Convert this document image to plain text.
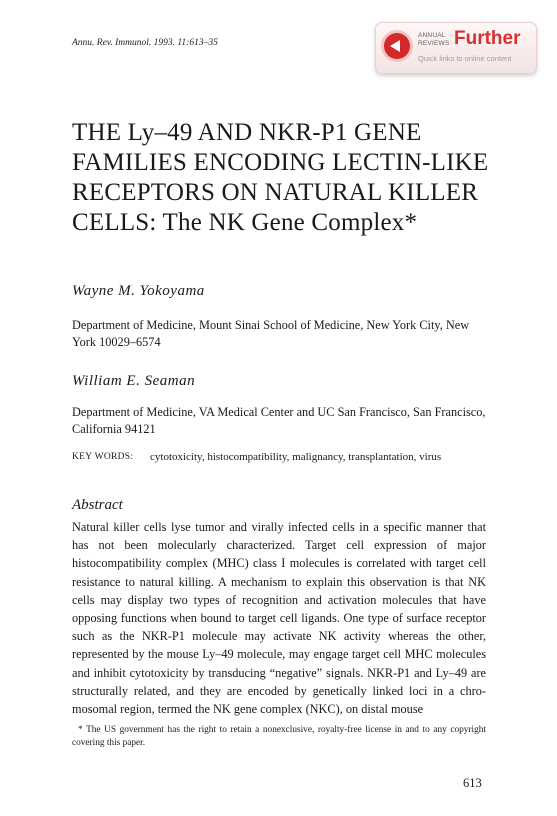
Annu. Rev. Immunol. 1993. 11:613–35
ANNUAL REVIEWS Further
Quick links to online content
THE Ly–49 AND NKR-P1 GENE FAMILIES ENCODING LECTIN-LIKE RECEPTORS ON NATURAL KILLER CELLS: The NK Gene Complex*
Wayne M. Yokoyama
Department of Medicine, Mount Sinai School of Medicine, New York City, New York 10029–6574
William E. Seaman
Department of Medicine, VA Medical Center and UC San Francisco, San Francisco, California 94121
KEY WORDS: cytotoxicity, histocompatibility, malignancy, transplantation, virus
Abstract

Natural killer cells lyse tumor and virally infected cells in a specific manner that has not been molecularly characterized. Target cell expression of major histocompatibility complex (MHC) class I molecules is correlated with target cell resistance to natural killing. A mechanism to explain this observation is that NK cells may display two types of recognition and activation molecules that have opposing functions when bound to target cell ligands. One type of surface receptor such as the NKR-P1 molecule may activate NK activity whereas the other, represented by the mouse Ly–49 molecule, may engage target cell MHC molecules and inhibit cytotoxicity by transducing “negative” signals. NKR-P1 and Ly–49 are structurally related, and they are encoded by genetically linked loci in a chromosomal region, termed the NK gene complex (NKC), on distal mouse

* The US government has the right to retain a nonexclusive, royalty-free license in and to any copyright covering this paper.

613
